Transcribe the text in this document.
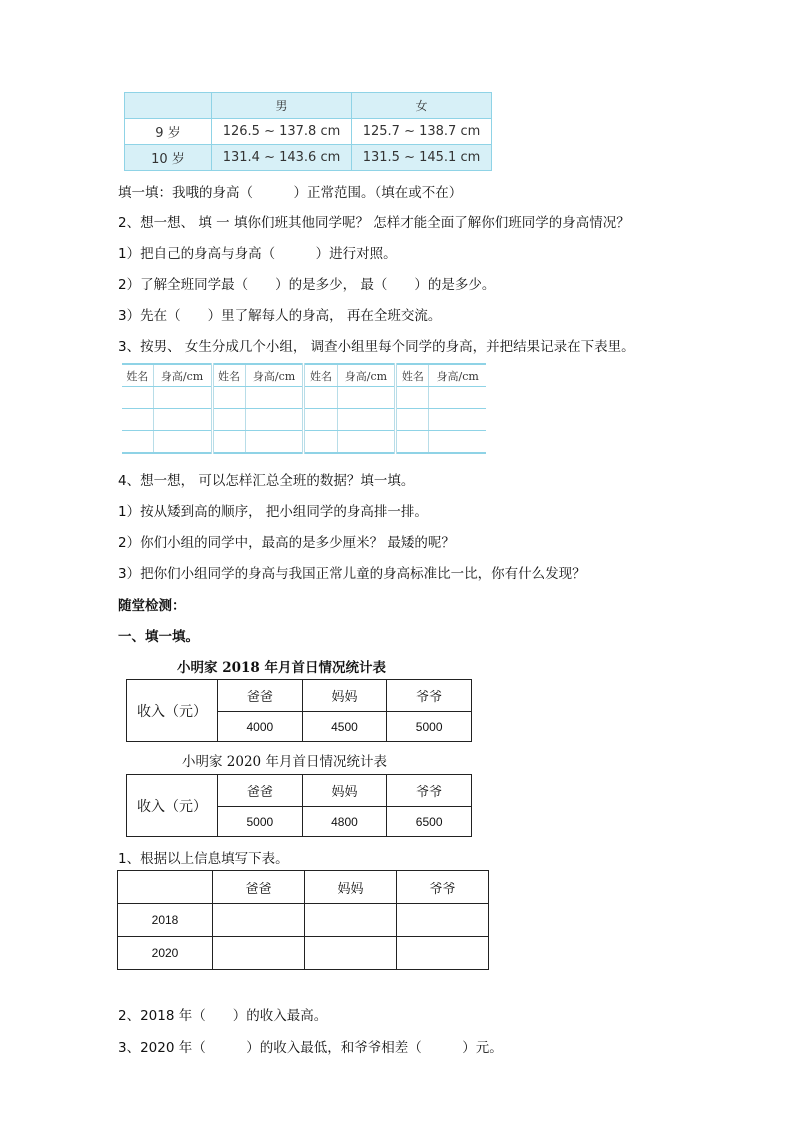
	男	女
9 岁	126.5 ~ 137.8 cm	125.7 ~ 138.7 cm
10 岁	131.4 ~ 143.6 cm	131.5 ~ 145.1 cm
填一填：我哦的身高（　　　）正常范围。（填在或不在）
2、想一想、 填 一 填你们班其他同学呢？ 怎样才能全面了解你们班同学的身高情况？
1）把自己的身高与身高（　　　）进行对照。
2）了解全班同学最（　　）的是多少， 最（　　）的是多少。
3）先在（　　）里了解每人的身高， 再在全班交流。
3、按男、 女生分成几个小组， 调查小组里每个同学的身高，并把结果记录在下表里。
姓名	身高/cm	姓名	身高/cm	姓名	身高/cm	姓名	身高/cm

4、想一想， 可以怎样汇总全班的数据？填一填。
1）按从矮到高的顺序， 把小组同学的身高排一排。
2）你们小组的同学中，最高的是多少厘米？ 最矮的呢？
3）把你们小组同学的身高与我国正常儿童的身高标准比一比，你有什么发现？
随堂检测：
一、填一填。
小明家 2018 年月首日情况统计表
收入（元）	爸爸	妈妈	爷爷
	4000	4500	5000
小明家 2020 年月首日情况统计表
收入（元）	爸爸	妈妈	爷爷
	5000	4800	6500
1、根据以上信息填写下表。
	爸爸	妈妈	爷爷
2018			
2020			
2、2018 年（　　）的收入最高。
3、2020 年（　　　）的收入最低，和爷爷相差（　　　）元。
